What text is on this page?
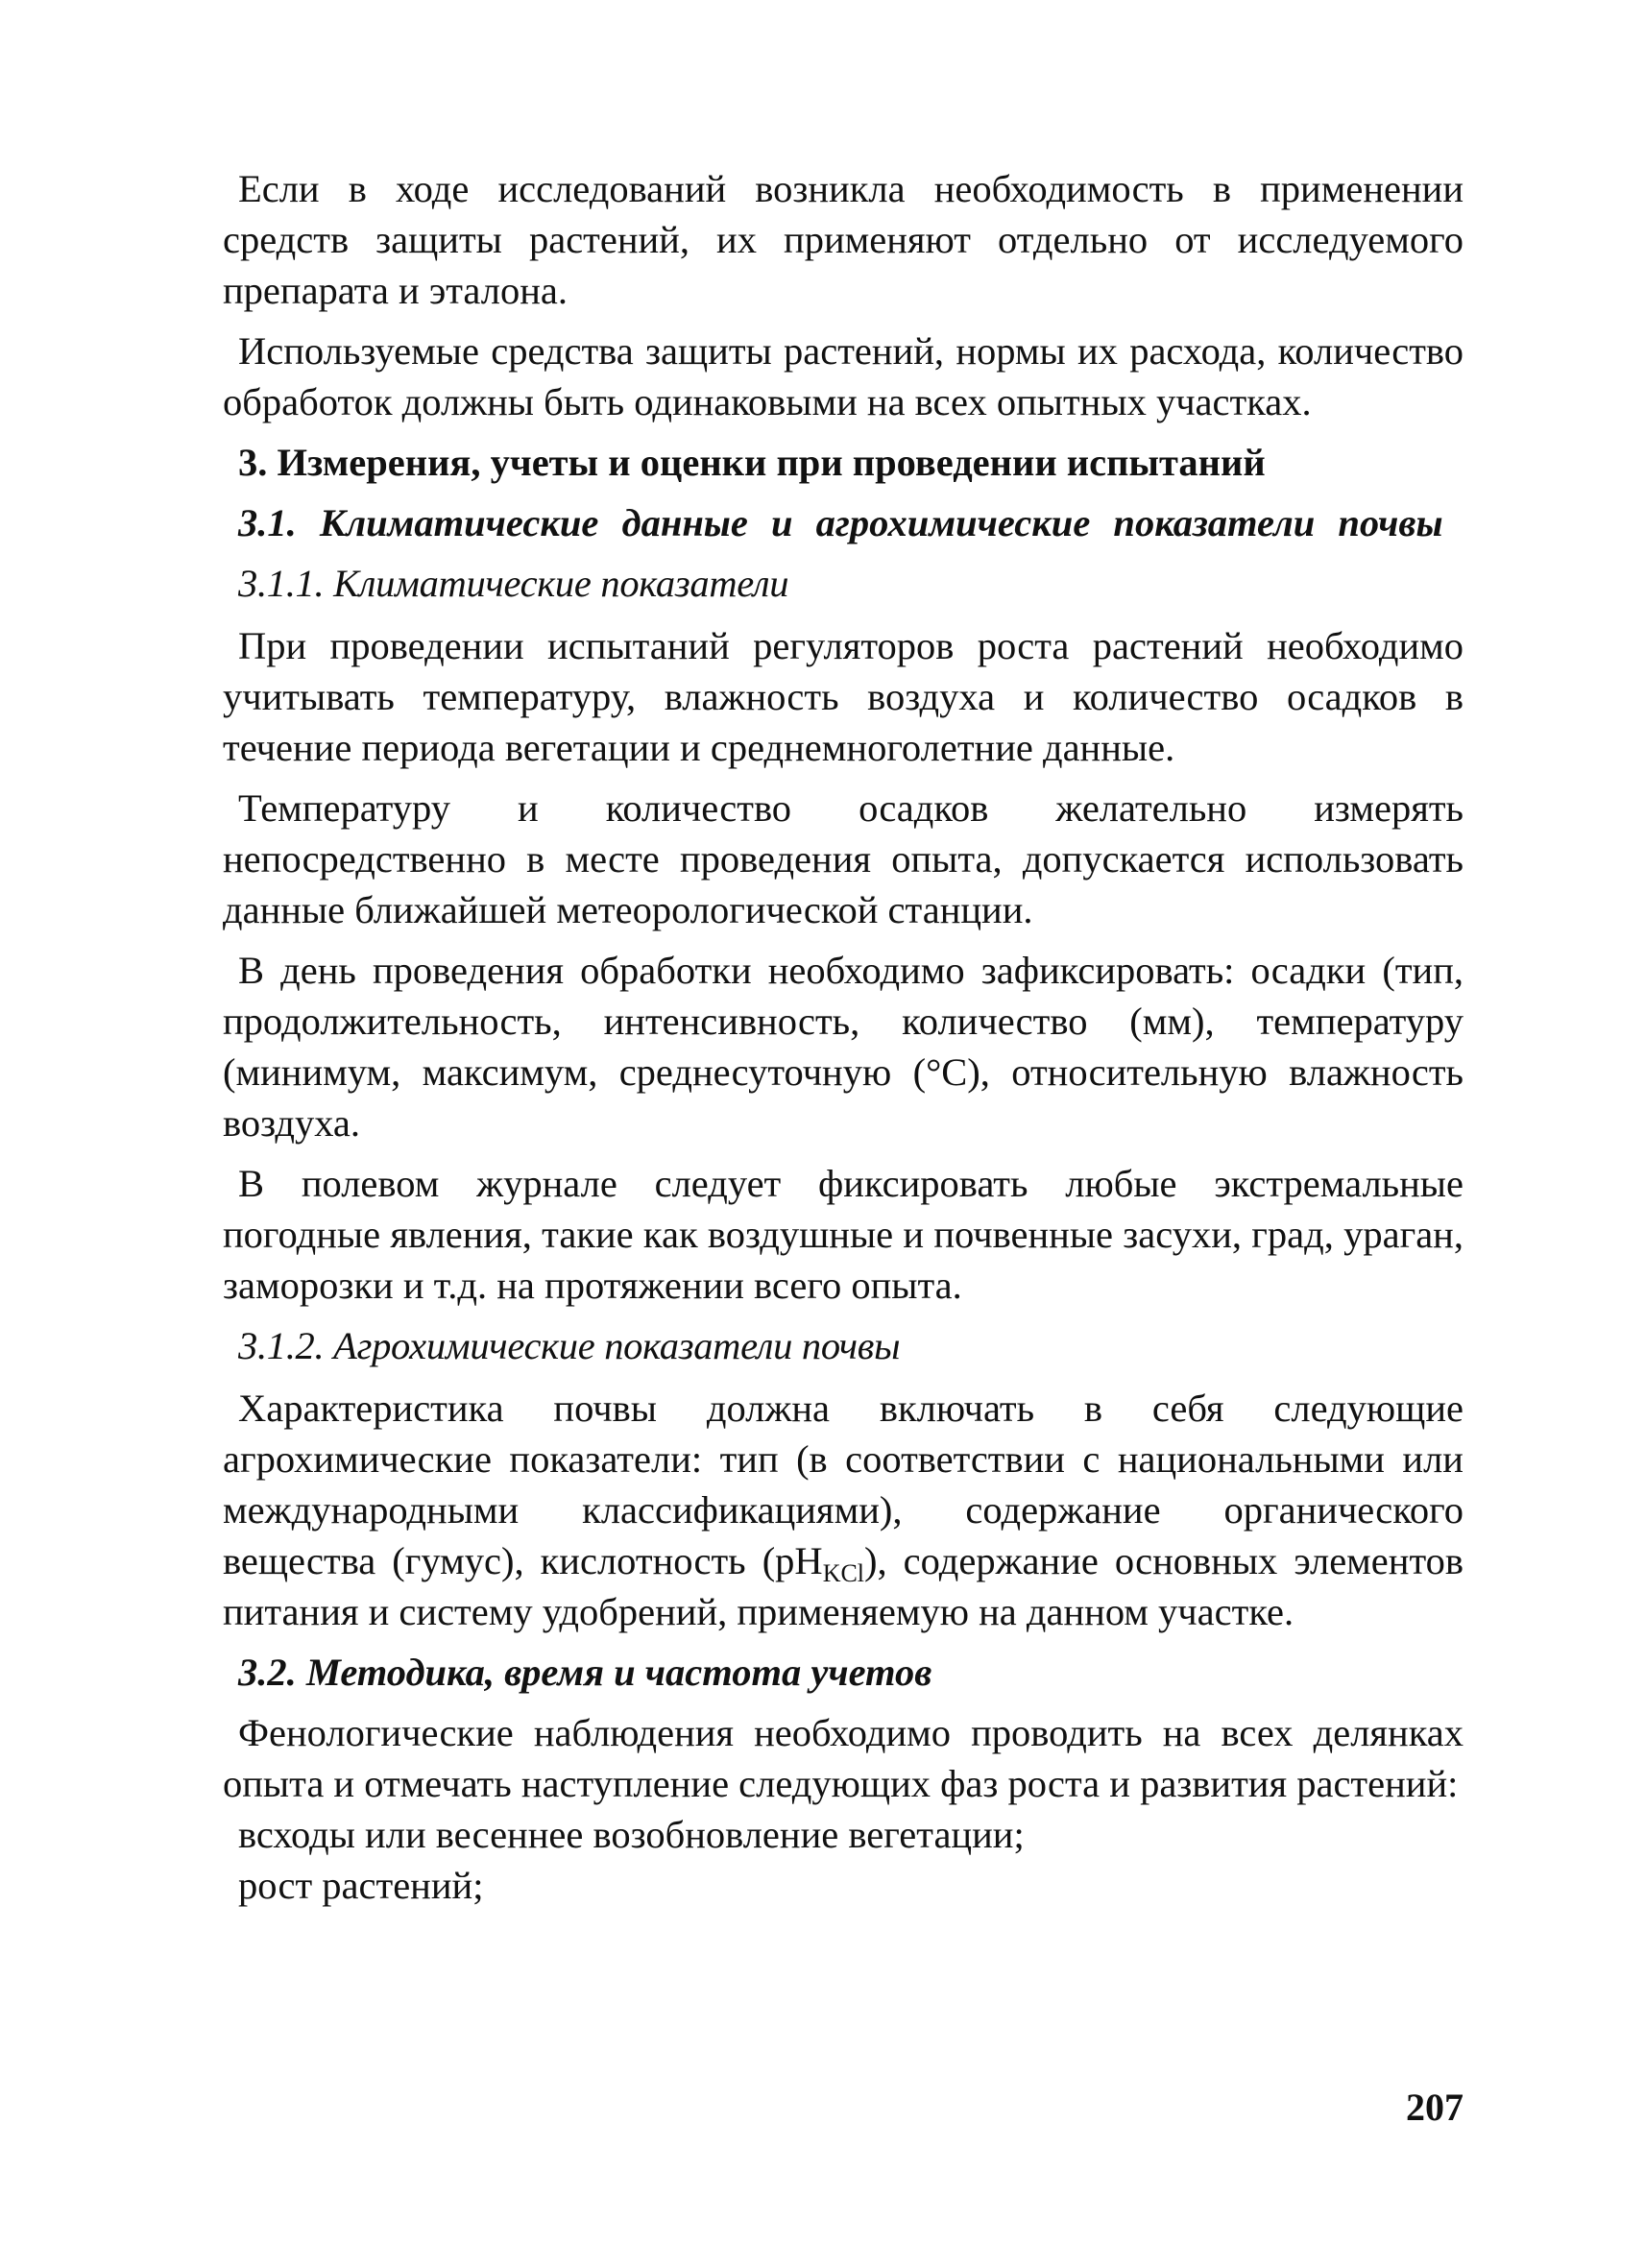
Если в ходе исследований возникла необходимость в применении средств защиты растений, их применяют отдельно от исследуемого препарата и эталона.

Используемые средства защиты растений, нормы их расхода, количество обработок должны быть одинаковыми на всех опытных участках.

3. Измерения, учеты и оценки при проведении испытаний

3.1. Климатические данные и агрохимические показатели почвы

3.1.1. Климатические показатели

При проведении испытаний регуляторов роста растений необходимо учитывать температуру, влажность воздуха и количество осадков в течение периода вегетации и среднемноголетние данные.

Температуру и количество осадков желательно измерять непосредственно в месте проведения опыта, допускается использовать данные ближайшей метеорологической станции.

В день проведения обработки необходимо зафиксировать: осадки (тип, продолжительность, интенсивность, количество (мм), температуру (минимум, максимум, среднесуточную (°С), относительную влажность воздуха.

В полевом журнале следует фиксировать любые экстремальные погодные явления, такие как воздушные и почвенные засухи, град, ураган, заморозки и т.д. на протяжении всего опыта.

3.1.2. Агрохимические показатели почвы

Характеристика почвы должна включать в себя следующие агрохимические показатели: тип (в соответствии с национальными или международными классификациями), содержание органического вещества (гумус), кислотность $(pH_{KCl})$, содержание основных элементов питания и систему удобрений, применяемую на данном участке.

3.2. Методика, время и частота учетов

Фенологические наблюдения необходимо проводить на всех делянках опыта и отмечать наступление следующих фаз роста и развития растений:

всходы или весеннее возобновление вегетации;

рост растений;

207
